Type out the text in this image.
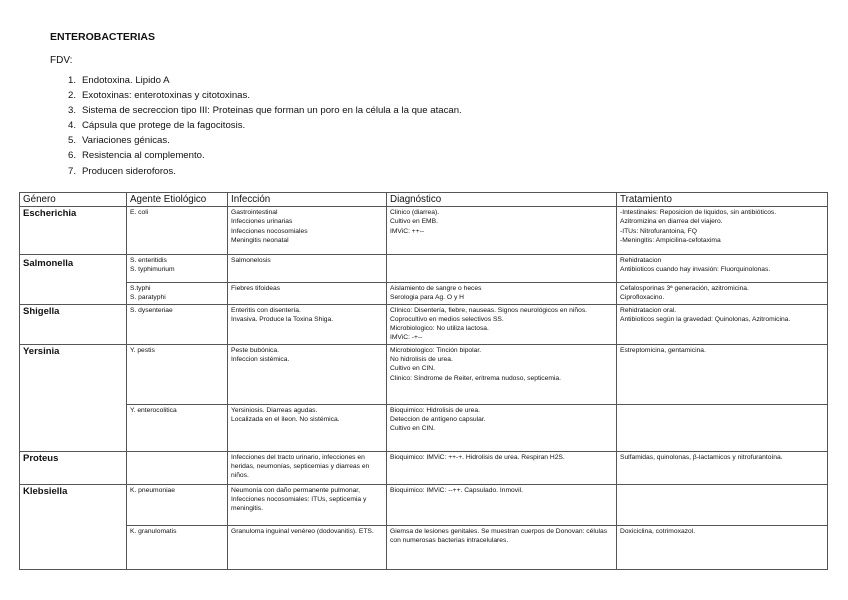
ENTEROBACTERIAS
FDV:
1. Endotoxina. Lipido A
2. Exotoxinas: enterotoxinas y citotoxinas.
3. Sistema de secreccion tipo III: Proteinas que forman un poro en la célula a la que atacan.
4. Cápsula que protege de la fagocitosis.
5. Variaciones génicas.
6. Resistencia al complemento.
7. Producen sideroforos.
Género	Agente Etiológico	Infección	Diagnóstico	Tratamiento
Escherichia	E. coli	Gastrointestinal
Infecciones urinarias
Infecciones nocosomiales
Meningitis neonatal	Clinico (diarrea).
Cultivo en EMB.
IMViC: ++--	-Intestinales: Reposicion de liquidos, sin antibióticos.
Azitromizina en diarrea del viajero.
-ITUs: Nitrofurantoina, FQ
-Meningitis: Ampicilina-cefotaxima

Salmonella	S. enteritidis
S. typhimurium	Salmonelosis		Rehidratacion
Antibioticos cuando hay invasión: Fluorquinolonas.

	S.typhi
S. paratyphi	Fiebres tifoideas	Aislamiento de sangre o heces
Serologia para Ag. O y H	Cefalosporinas 3ª generación, azitromicina.
Ciprofloxacino.

Shigella	S. dysenteriae	Enteritis con disentería.
Invasiva. Produce la Toxina Shiga.	Clínico: Disentería, fiebre, nauseas. Signos neurológicos en niños.
Coprocultivo en medios selectivos SS.
Microbiologico: No utiliza lactosa.
IMViC: -+--	Rehidratacion oral.
Antibioticos según la gravedad: Quinolonas, Azitromicina.

Yersinia	Y. pestis	Peste bubónica.
Infeccion sistémica.	Microbiologico: Tinción bipolar.
No hidrolisis de urea.
Cultivo en CIN.
Clinico: Síndrome de Reiter, eritrema nudoso, septicemia.	Estreptomicina, gentamicina.

	Y. enterocolitica	Yersiniosis. Diarreas agudas.
Localizada en el íleon. No sistémica.	Bioquimico: Hidrolisis de urea.
Deteccion de antígeno capsular.
Cultivo en CIN.	

Proteus		Infecciones del tracto urinario, infecciones en heridas, neumonías, septicemias y diarreas en niños.	Bioquimico: IMViC: ++-+. Hidrolisis de urea. Respiran H2S.	Sulfamidas, quinolonas, β-lactamicos y nitrofurantoína.

Klebsiella	K. pneumoniae	Neumonía con daño permanente pulmonar, Infecciones nocosomiales: ITUs, septicemia y meningitis.	Bioquimico: IMViC: --++. Capsulado. Inmovil.	

	K. granulomatis	Granuloma inguinal venéreo (dodovanitis). ETS.	Giemsa de lesiones genitales. Se muestran cuerpos de Donovan: células con numerosas bacterias intracelulares.	Doxiciclina, cotrimoxazol.
